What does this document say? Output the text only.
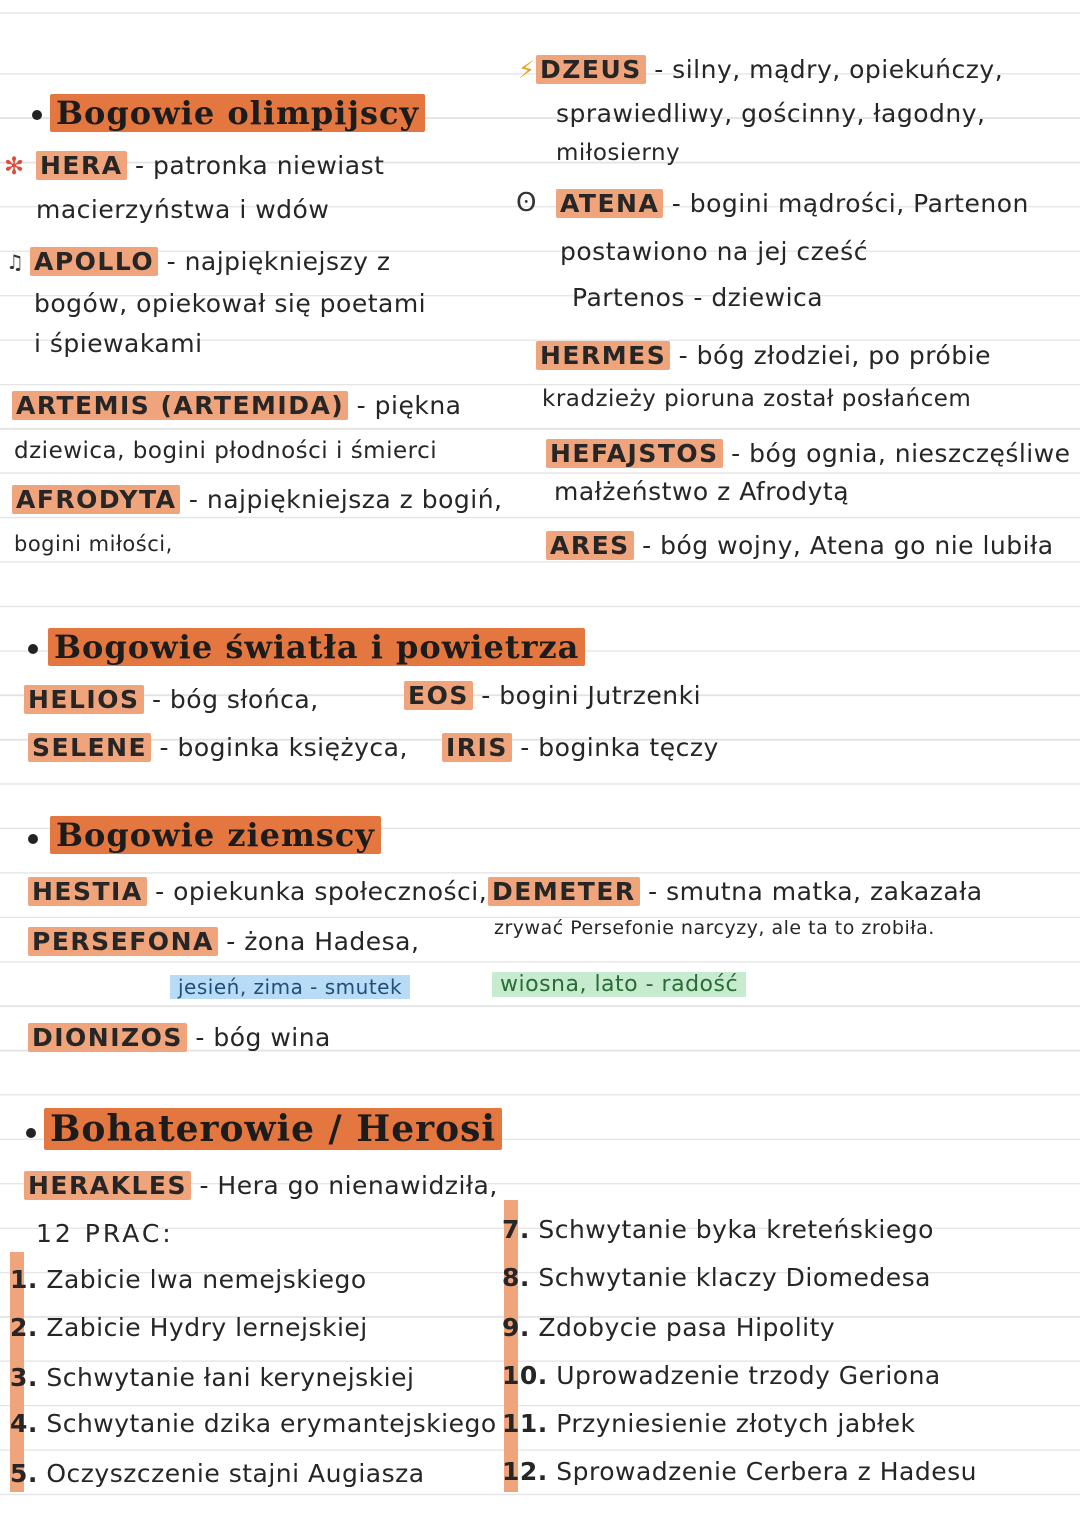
Bogowie olimpijscy
✻ HERA - patronka niewiast
macierzyństwa i wdów
♫ APOLLO - najpiękniejszy z
bogów, opiekował się poetami
i śpiewakami
ARTEMIS (ARTEMIDA) - piękna
dziewica, bogini płodności i śmierci
AFRODYTA - najpiękniejsza z bogiń,
bogini miłości,
⚡ DZEUS - silny, mądry, opiekuńczy,
sprawiedliwy, gościnny, łagodny,
miłosierny
ʘ ATENA - bogini mądrości, Partenon
postawiono na jej cześć
Partenos - dziewica
HERMES - bóg złodziei, po próbie
kradzieży pioruna został posłańcem
HEFAJSTOS - bóg ognia, nieszczęśliwe
małżeństwo z Afrodytą
ARES - bóg wojny, Atena go nie lubiła
Bogowie światła i powietrza
HELIOS - bóg słońca,	EOS - bogini Jutrzenki
SELENE - boginka księżyca, IRIS - boginka tęczy
Bogowie ziemscy
HESTIA - opiekunka społeczności, DEMETER - smutna matka, zakazała
zrywać Persefonie narcyzy, ale ta to zrobiła.
PERSEFONA - żona Hadesa,
jesień, zima - smutek	wiosna, lato - radość
DIONIZOS - bóg wina
Bohaterowie / Herosi
HERAKLES - Hera go nienawidziła,
12 PRAC:
1. Zabicie lwa nemejskiego
2. Zabicie Hydry lernejskiej
3. Schwytanie łani kerynejskiej
4. Schwytanie dzika erymantejskiego
5. Oczyszczenie stajni Augiasza
7. Schwytanie byka kreteńskiego
8. Schwytanie klaczy Diomedesa
9. Zdobycie pasa Hipolity
10. Uprowadzenie trzody Geriona
11. Przyniesienie złotych jabłek
12. Sprowadzenie Cerbera z Hadesu
